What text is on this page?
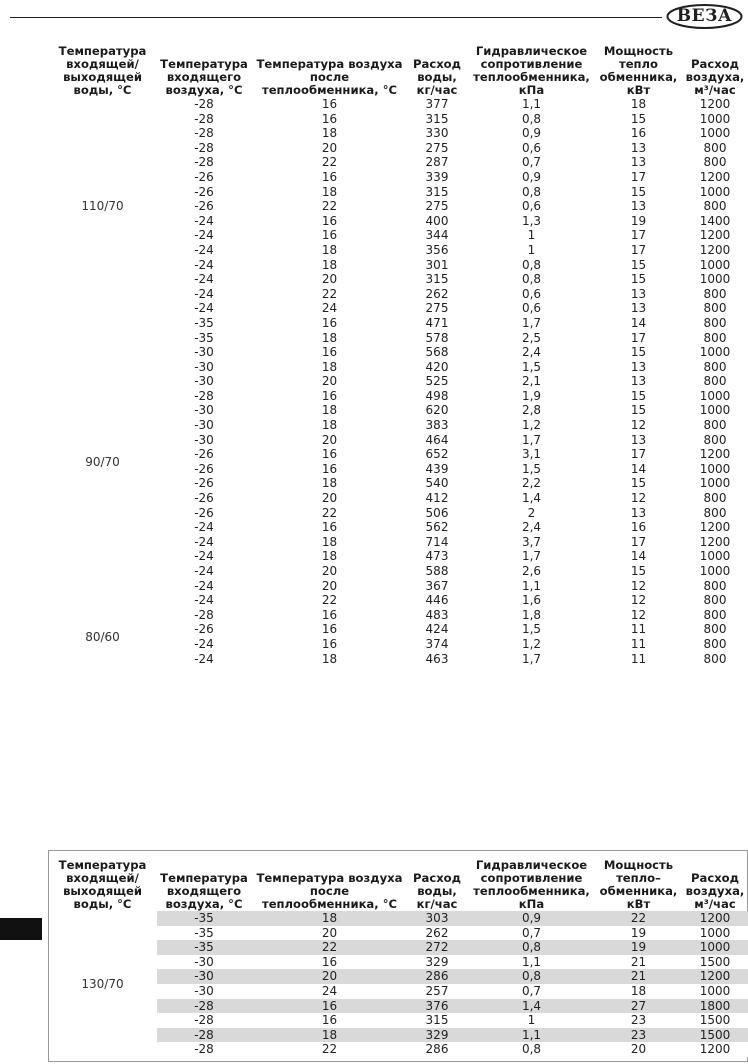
ВЕЗА
Температура входящей/ выходящей воды, °C	Температура входящего воздуха, °C	Температура воздуха после теплообменника, °C	Расход воды, кг/час	Гидравлическое сопротивление теплообменника, кПа	Мощность тепло обменника, кВт	Расход воздуха, м³/час
110/70	-28	16	377	1,1	18	1200
	-28	16	315	0,8	15	1000
	-28	18	330	0,9	16	1000
	-28	20	275	0,6	13	800
	-28	22	287	0,7	13	800
	-26	16	339	0,9	17	1200
	-26	18	315	0,8	15	1000
	-26	22	275	0,6	13	800
	-24	16	400	1,3	19	1400
	-24	16	344	1	17	1200
	-24	18	356	1	17	1200
	-24	18	301	0,8	15	1000
	-24	20	315	0,8	15	1000
	-24	22	262	0,6	13	800
	-24	24	275	0,6	13	800
90/70	-35	16	471	1,7	14	800
	-35	18	578	2,5	17	800
	-30	16	568	2,4	15	1000
	-30	18	420	1,5	13	800
	-30	20	525	2,1	13	800
	-28	16	498	1,9	15	1000
	-30	18	620	2,8	15	1000
	-30	18	383	1,2	12	800
	-30	20	464	1,7	13	800
	-26	16	652	3,1	17	1200
	-26	16	439	1,5	14	1000
	-26	18	540	2,2	15	1000
	-26	20	412	1,4	12	800
	-26	22	506	2	13	800
	-24	16	562	2,4	16	1200
	-24	18	714	3,7	17	1200
	-24	18	473	1,7	14	1000
	-24	20	588	2,6	15	1000
	-24	20	367	1,1	12	800
	-24	22	446	1,6	12	800
80/60	-28	16	483	1,8	12	800
	-26	16	424	1,5	11	800
	-24	16	374	1,2	11	800
	-24	18	463	1,7	11	800
Температура входящей/ выходящей воды, °C	Температура входящего воздуха, °C	Температура воздуха после теплообменника, °C	Расход воды, кг/час	Гидравлическое сопротивление теплообменника, кПа	Мощность тепло– обменника, кВт	Расход воздуха, м³/час
130/70	-35	18	303	0,9	22	1200
	-35	20	262	0,7	19	1000
	-35	22	272	0,8	19	1000
	-30	16	329	1,1	21	1500
	-30	20	286	0,8	21	1200
	-30	24	257	0,7	18	1000
	-28	16	376	1,4	27	1800
	-28	16	315	1	23	1500
	-28	18	329	1,1	23	1500
	-28	22	286	0,8	20	1200
